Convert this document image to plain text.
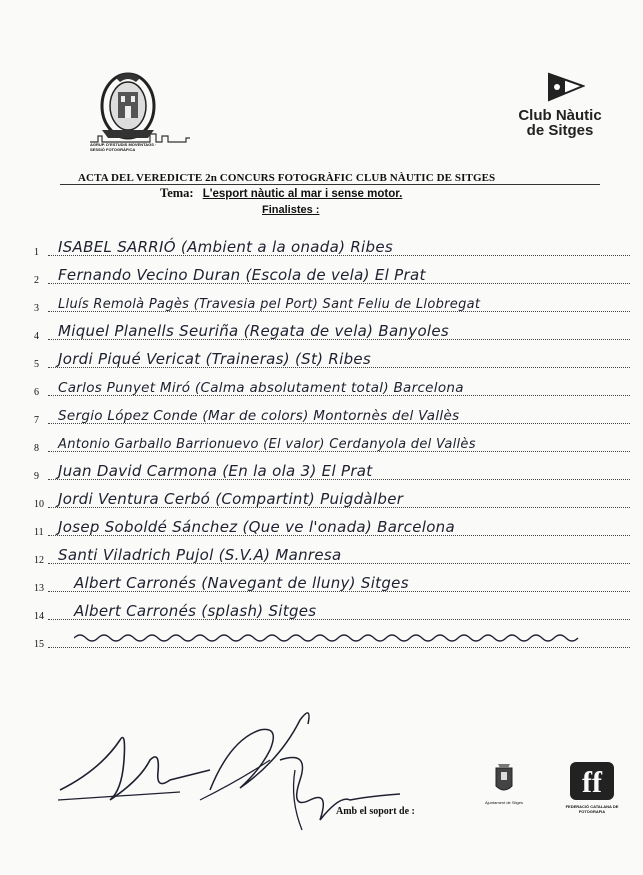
AGRUP. D'ESTUDIS MOVENTAGS · SESSIÓ FOTOGRÀFICA
Club Nàutic
de Sitges
ACTA DEL VEREDICTE 2n CONCURS FOTOGRÀFIC CLUB NÀUTIC DE SITGES
Tema: L'esport nàutic al mar i sense motor.
Finalistes :
1 ISABEL SARRIÓ (Ambient a la onada) Ribes
2 Fernando Vecino Duran (Escola de vela) El Prat
3 Lluís Remolà Pagès (Travesia pel Port) Sant Feliu de Llobregat
4 Miquel Planells Seuriña (Regata de vela) Banyoles
5 Jordi Piqué Vericat (Traineras) (St) Ribes
6 Carlos Punyet Miró (Calma absolutament total) Barcelona
7 Sergio López Conde (Mar de colors) Montornès del Vallès
8 Antonio Garballo Barrionuevo (El valor) Cerdanyola del Vallès
9 Juan David Carmona (En la ola 3) El Prat
10 Jordi Ventura Cerbó (Compartint) Puigdàlber
11 Josep Soboldé Sánchez (Que ve l'onada) Barcelona
12 Santi Viladrich Pujol (S.V.A) Manresa
13 Albert Carronés (Navegant de lluny) Sitges
14 Albert Carronés (splash) Sitges
15
Amb el soport de :
Ajuntament de Sitges
ff
FEDERACIÓ CATALANA DE FOTOGRAFIA
